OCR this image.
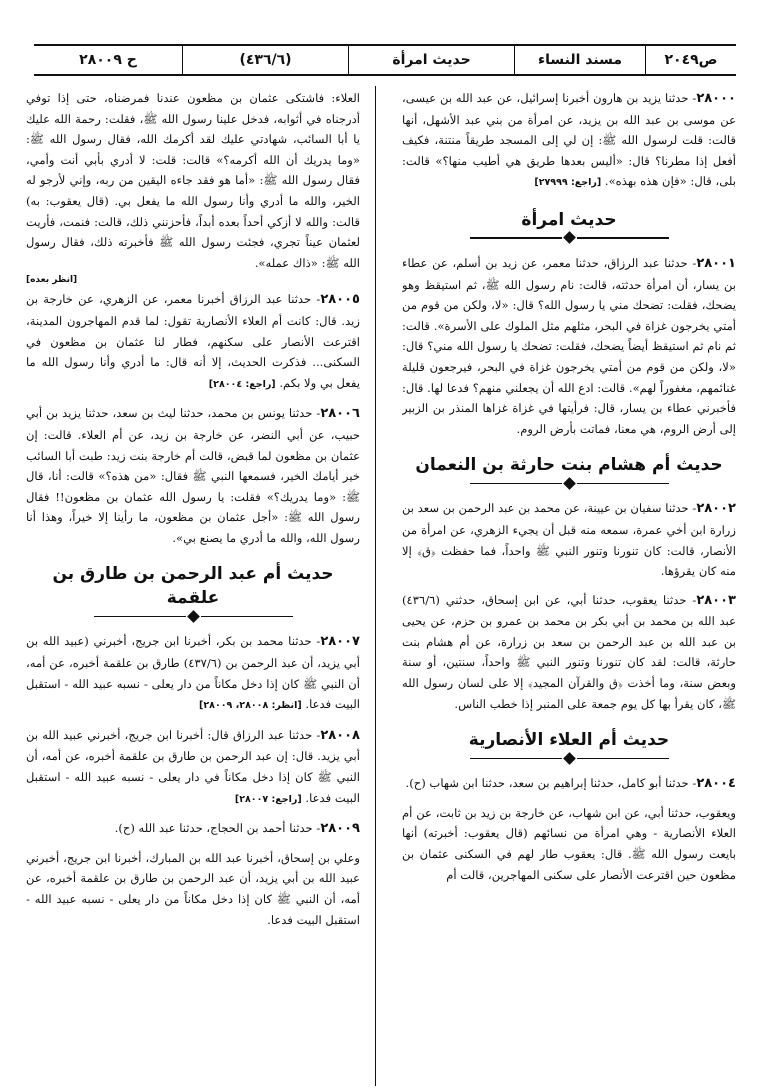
ص٢٠٤٩
مسند النساء
حديث امرأة
(٤٣٦/٦)
ح ٢٨٠٠٩

٢٨٠٠٠- حدثنا يزيد بن هارون أخبرنا إسرائيل، عن عبد الله بن عيسى، عن موسى بن عبد الله بن يزيد، عن امرأة من بني عبد الأشهل، أنها قالت: قلت لرسول الله ﷺ: إن لي إلى المسجد طريقاً منتنة، فكيف أفعل إذا مطرنا؟ قال: «أليس بعدها طريق هي أطيب منها؟» قالت: بلى، قال: «فإن هذه بهذه». [راجع: ٢٧٩٩٩]

حديث امرأة

٢٨٠٠١- حدثنا عبد الرزاق، حدثنا معمر، عن زيد بن أسلم، عن عطاء بن يسار، أن امرأة حدثته، قالت: نام رسول الله ﷺ، ثم استيقظ وهو يضحك، فقلت: تضحك مني يا رسول الله؟ قال: «لا، ولكن من قوم من أمتي يخرجون غزاة في البحر، مثلهم مثل الملوك على الأسرة». قالت: ثم نام ثم استيقظ أيضاً يضحك، فقلت: تضحك يا رسول الله مني؟ قال: «لا، ولكن من قوم من أمتي يخرجون غزاة في البحر، فيرجعون قليلة غنائمهم، مغفوراً لهم». قالت: ادع الله أن يجعلني منهم؟ فدعا لها. قال: فأخبرني عطاء بن يسار، قال: فرأيتها في غزاة غزاها المنذر بن الزبير إلى أرض الروم، هي معنا، فماتت بأرض الروم.

حديث أم هشام بنت حارثة بن النعمان

٢٨٠٠٢- حدثنا سفيان بن عيينة، عن محمد بن عبد الرحمن بن سعد بن زرارة ابن أخي عمرة، سمعه منه قبل أن يجيء الزهري، عن امرأة من الأنصار، قالت: كان تنورنا وتنور النبي ﷺ واحداً، فما حفظت ﴿ق﴾ إلا منه كان يقرؤها.

٢٨٠٠٣- حدثنا يعقوب، حدثنا أبي، عن ابن إسحاق، حدثني (٤٣٦/٦) عبد الله بن محمد بن أبي بكر بن محمد بن عمرو بن حزم، عن يحيى بن عبد الله بن عبد الرحمن بن سعد بن زرارة، عن أم هشام بنت حارثة، قالت: لقد كان تنورنا وتنور النبي ﷺ واحداً، سنتين، أو سنة وبعض سنة، وما أخذت ﴿ق والقرآن المجيد﴾ إلا على لسان رسول الله ﷺ، كان يقرأ بها كل يوم جمعة على المنبر إذا خطب الناس.

حديث أم العلاء الأنصارية

٢٨٠٠٤- حدثنا أبو كامل، حدثنا إبراهيم بن سعد، حدثنا ابن شهاب (ح).

ويعقوب، حدثنا أبي، عن ابن شهاب، عن خارجة بن زيد بن ثابت، عن أم العلاء الأنصارية - وهي امرأة من نسائهم (قال يعقوب: أخبرته) أنها بايعت رسول الله ﷺ. قال: يعقوب طار لهم في السكنى عثمان بن مظعون حين اقترعت الأنصار على سكنى المهاجرين، قالت أم

العلاء: فاشتكى عثمان بن مظعون عندنا فمرضناه، حتى إذا توفي أدرجناه في أثوابه، فدخل علينا رسول الله ﷺ، فقلت: رحمة الله عليك يا أبا السائب، شهادتي عليك لقد أكرمك الله، فقال رسول الله ﷺ: «وما يدريك أن الله أكرمه؟» قالت: قلت: لا أدري بأبي أنت وأمي، فقال رسول الله ﷺ: «أما هو فقد جاءه اليقين من ربه، وإني لأرجو له الخير، والله ما أدري وأنا رسول الله ما يفعل بي. (قال يعقوب: به) قالت: والله لا أزكي أحداً بعده أبداً، فأحزنني ذلك، قالت: فنمت، فأريت لعثمان عيناً تجري، فجئت رسول الله ﷺ فأخبرته ذلك، فقال رسول الله ﷺ: «ذاك عمله».

[انظر بعده]

٢٨٠٠٥- حدثنا عبد الرزاق أخبرنا معمر، عن الزهري، عن خارجة بن زيد. قال: كانت أم العلاء الأنصارية تقول: لما قدم المهاجرون المدينة، اقترعت الأنصار على سكنهم، فطار لنا عثمان بن مظعون في السكنى... فذكرت الحديث، إلا أنه قال: ما أدري وأنا رسول الله ما يفعل بي ولا بكم. [راجع: ٢٨٠٠٤]

٢٨٠٠٦- حدثنا يونس بن محمد، حدثنا ليث بن سعد، حدثنا يزيد بن أبي حبيب، عن أبي النضر، عن خارجة بن زيد، عن أم العلاء. قالت: إن عثمان بن مظعون لما قبض، قالت أم خارجة بنت زيد: طبت أبا السائب خير أيامك الخير، فسمعها النبي ﷺ فقال: «من هذه؟» قالت: أنا، قال ﷺ: «وما يدريك؟» فقلت: يا رسول الله عثمان بن مظعون!! فقال رسول الله ﷺ: «أجل عثمان بن مظعون، ما رأينا إلا خيراً، وهذا أنا رسول الله، والله ما أدري ما يصنع بي».

حديث أم عبد الرحمن بن طارق بن علقمة

٢٨٠٠٧- حدثنا محمد بن بكر، أخبرنا ابن جريج، أخبرني (عبيد الله بن أبي يزيد، أن عبد الرحمن بن (٤٣٧/٦) طارق بن علقمة أخبره، عن أمه، أن النبي ﷺ كان إذا دخل مكاناً من دار يعلى - نسبه عبيد الله - استقبل البيت فدعا. [انظر: ٢٨٠٠٨، ٢٨٠٠٩]

٢٨٠٠٨- حدثنا عبد الرزاق قال: أخبرنا ابن جريج، أخبرني عبيد الله بن أبي يزيد. قال: إن عبد الرحمن بن طارق بن علقمة أخبره، عن أمه، أن النبي ﷺ كان إذا دخل مكاناً في دار يعلى - نسبه عبيد الله - استقبل البيت فدعا. [راجع: ٢٨٠٠٧]

٢٨٠٠٩- حدثنا أحمد بن الحجاج، حدثنا عبد الله (ح).

وعلي بن إسحاق، أخبرنا عبد الله بن المبارك، أخبرنا ابن جريج، أخبرني عبيد الله بن أبي يزيد، أن عبد الرحمن بن طارق بن علقمة أخبره، عن أمه، أن النبي ﷺ كان إذا دخل مكاناً من دار يعلى - نسبه عبيد الله - استقبل البيت فدعا.
